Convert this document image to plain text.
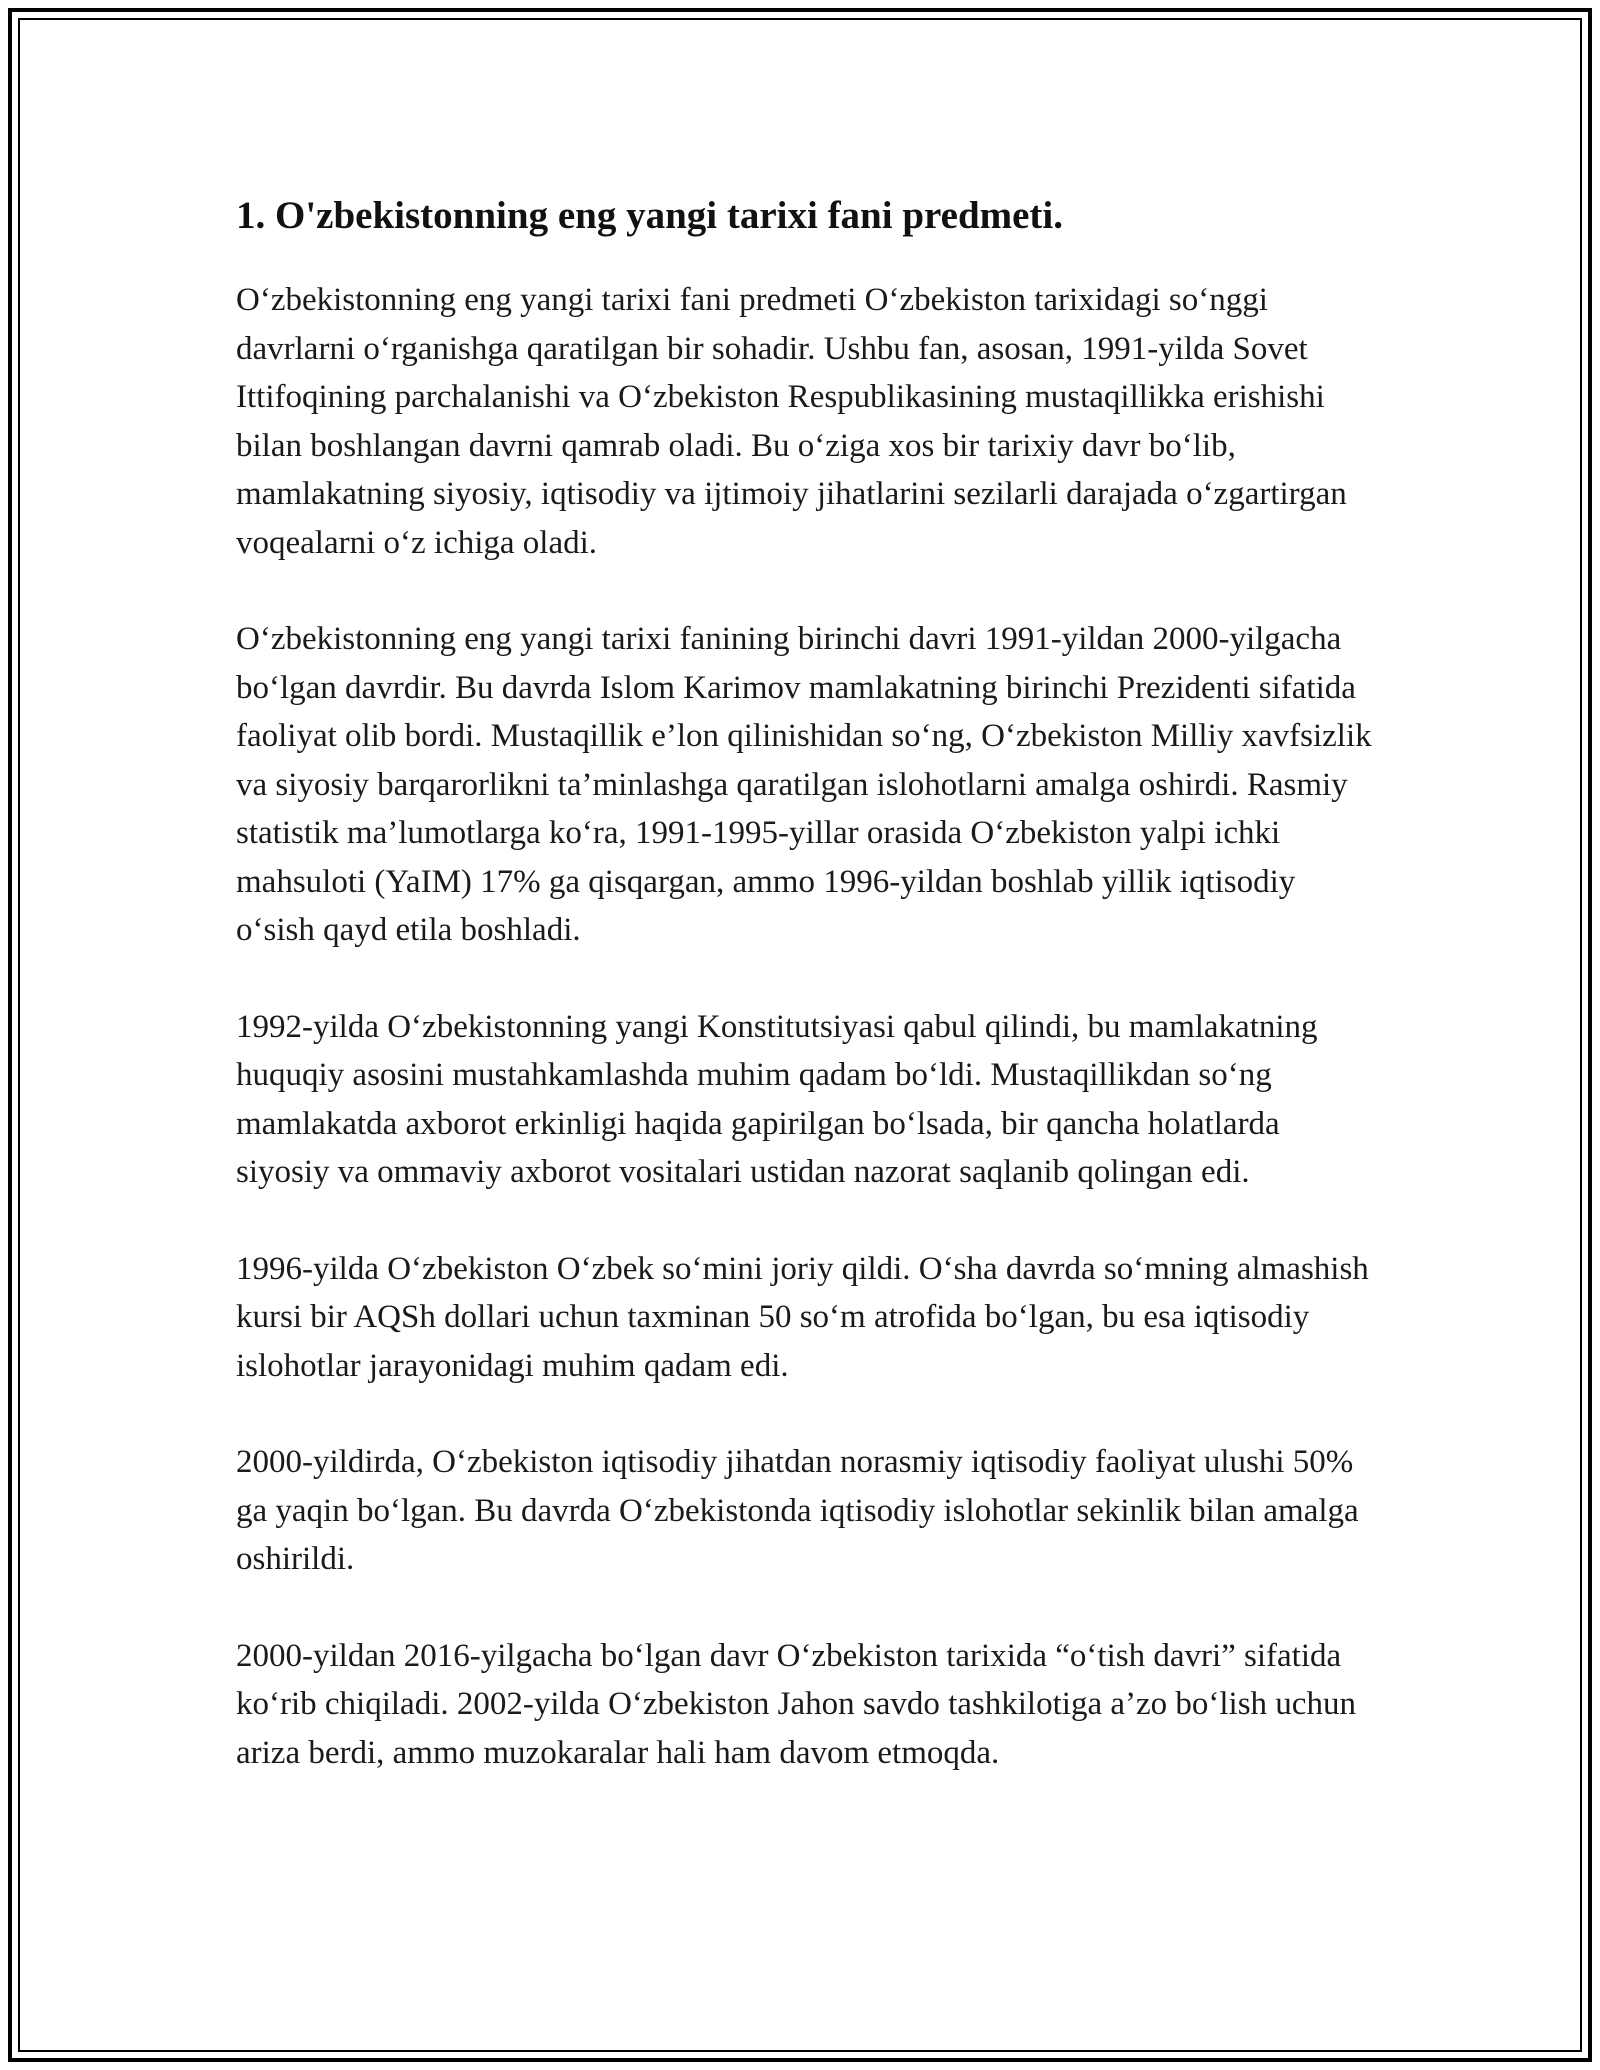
1. O'zbekistonning eng yangi tarixi fani predmeti.

O‘zbekistonning eng yangi tarixi fani predmeti O‘zbekiston tarixidagi so‘nggi davrlarni o‘rganishga qaratilgan bir sohadir. Ushbu fan, asosan, 1991-yilda Sovet Ittifoqining parchalanishi va O‘zbekiston Respublikasining mustaqillikka erishishi bilan boshlangan davrni qamrab oladi. Bu o‘ziga xos bir tarixiy davr bo‘lib, mamlakatning siyosiy, iqtisodiy va ijtimoiy jihatlarini sezilarli darajada o‘zgartirgan voqealarni o‘z ichiga oladi.

O‘zbekistonning eng yangi tarixi fanining birinchi davri 1991-yildan 2000-yilgacha bo‘lgan davrdir. Bu davrda Islom Karimov mamlakatning birinchi Prezidenti sifatida faoliyat olib bordi. Mustaqillik e’lon qilinishidan so‘ng, O‘zbekiston Milliy xavfsizlik va siyosiy barqarorlikni ta’minlashga qaratilgan islohotlarni amalga oshirdi. Rasmiy statistik ma’lumotlarga ko‘ra, 1991-1995-yillar orasida O‘zbekiston yalpi ichki mahsuloti (YaIM) 17% ga qisqargan, ammo 1996-yildan boshlab yillik iqtisodiy o‘sish qayd etila boshladi.

1992-yilda O‘zbekistonning yangi Konstitutsiyasi qabul qilindi, bu mamlakatning huquqiy asosini mustahkamlashda muhim qadam bo‘ldi. Mustaqillikdan so‘ng mamlakatda axborot erkinligi haqida gapirilgan bo‘lsada, bir qancha holatlarda siyosiy va ommaviy axborot vositalari ustidan nazorat saqlanib qolingan edi.

1996-yilda O‘zbekiston O‘zbek so‘mini joriy qildi. O‘sha davrda so‘mning almashish kursi bir AQSh dollari uchun taxminan 50 so‘m atrofida bo‘lgan, bu esa iqtisodiy islohotlar jarayonidagi muhim qadam edi.

2000-yildirda, O‘zbekiston iqtisodiy jihatdan norasmiy iqtisodiy faoliyat ulushi 50% ga yaqin bo‘lgan. Bu davrda O‘zbekistonda iqtisodiy islohotlar sekinlik bilan amalga oshirildi.

2000-yildan 2016-yilgacha bo‘lgan davr O‘zbekiston tarixida “o‘tish davri” sifatida ko‘rib chiqiladi. 2002-yilda O‘zbekiston Jahon savdo tashkilotiga a’zo bo‘lish uchun ariza berdi, ammo muzokaralar hali ham davom etmoqda.
